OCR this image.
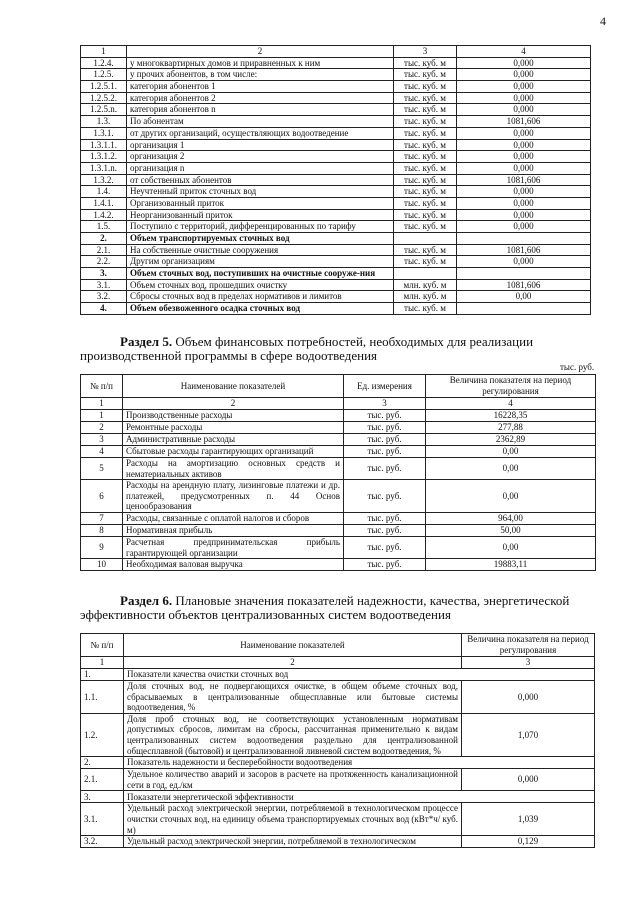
4
1	2	3	4
1.2.4.	у многоквартирных домов и приравненных к ним	тыс. куб. м	0,000
1.2.5.	у прочих абонентов, в том числе:	тыс. куб. м	0,000
1.2.5.1.	категория абонентов 1	тыс. куб. м	0,000
1.2.5.2.	категория абонентов 2	тыс. куб. м	0,000
1.2.5.n.	категория абонентов n	тыс. куб. м	0,000
1.3.	По абонентам	тыс. куб. м	1081,606
1.3.1.	от других организаций, осуществляющих водоотведение	тыс. куб. м	0,000
1.3.1.1.	организация 1	тыс. куб. м	0,000
1.3.1.2.	организация 2	тыс. куб. м	0,000
1.3.1.n.	организация n	тыс. куб. м	0,000
1.3.2.	от собственных абонентов	тыс. куб. м	1081,606
1.4.	Неучтенный приток сточных вод	тыс. куб. м	0,000
1.4.1.	Организованный приток	тыс. куб. м	0,000
1.4.2.	Неорганизованный приток	тыс. куб. м	0,000
1.5.	Поступило с территорий, дифференцированных по тарифу	тыс. куб. м	0,000
2.	Объем транспортируемых сточных вод		
2.1.	На собственные очистные сооружения	тыс. куб. м	1081,606
2.2.	Другим организациям	тыс. куб. м	0,000
3.	Объем сточных вод, поступивших на очистные сооруже-ния		
3.1.	Объем сточных вод, прошедших очистку	млн. куб. м	1081,606
3.2.	Сбросы сточных вод в пределах нормативов и лимитов	млн. куб. м	0,00
4.	Объем обезвоженного осадка сточных вод	тыс. куб. м	
Раздел 5. Объем финансовых потребностей, необходимых для реализации производственной программы в сфере водоотведения
тыс. руб.
№ п/п	Наименование показателей	Ед. измерения	Величина показателя на период регулирования
1	2	3	4
1	Производственные расходы	тыс. руб.	16228,35
2	Ремонтные расходы	тыс. руб.	277,88
3	Административные расходы	тыс. руб.	2362,89
4	Сбытовые расходы гарантирующих организаций	тыс. руб.	0,00
5	Расходы на амортизацию основных средств и нематериальных активов	тыс. руб.	0,00
6	Расходы на арендную плату, лизинговые платежи и др. платежей, предусмотренных п. 44 Основ ценообразования	тыс. руб.	0,00
7	Расходы, связанные с оплатой налогов и сборов	тыс. руб.	964,00
8	Нормативная прибыль	тыс. руб.	50,00
9	Расчетная предпринимательская прибыль гарантирующей организации	тыс. руб.	0,00
10	Необходимая валовая выручка	тыс. руб.	19883,11
Раздел 6. Плановые значения показателей надежности, качества, энергетической эффективности объектов централизованных систем водоотведения
№ п/п	Наименование показателей	Величина показателя на период регулирования
1	2	3
1.	Показатели качества очистки сточных вод	
1.1.	Доля сточных вод, не подвергающихся очистке, в общем объеме сточных вод, сбрасываемых в централизованные общесплавные или бытовые системы водоотведения, %	0,000
1.2.	Доля проб сточных вод, не соответствующих установленным нормативам допустимых сбросов, лимитам на сбросы, рассчитанная применительно к видам централизованных систем водоотведения раздельно для централизованной общесплавной (бытовой) и централизованной ливневой систем водоотведения, %	1,070
2.	Показатель надежности и бесперебойности водоотведения	
2.1.	Удельное количество аварий и засоров в расчете на протяженность канализационной сети в год, ед./км	0,000
3.	Показатели энергетической эффективности	
3.1.	Удельный расход электрической энергии, потребляемой в технологическом процессе очистки сточных вод, на единицу объема транспортируемых сточных вод (кВт*ч/ куб. м)	1,039
3.2.	Удельный расход электрической энергии, потребляемой в технологическом	0,129
